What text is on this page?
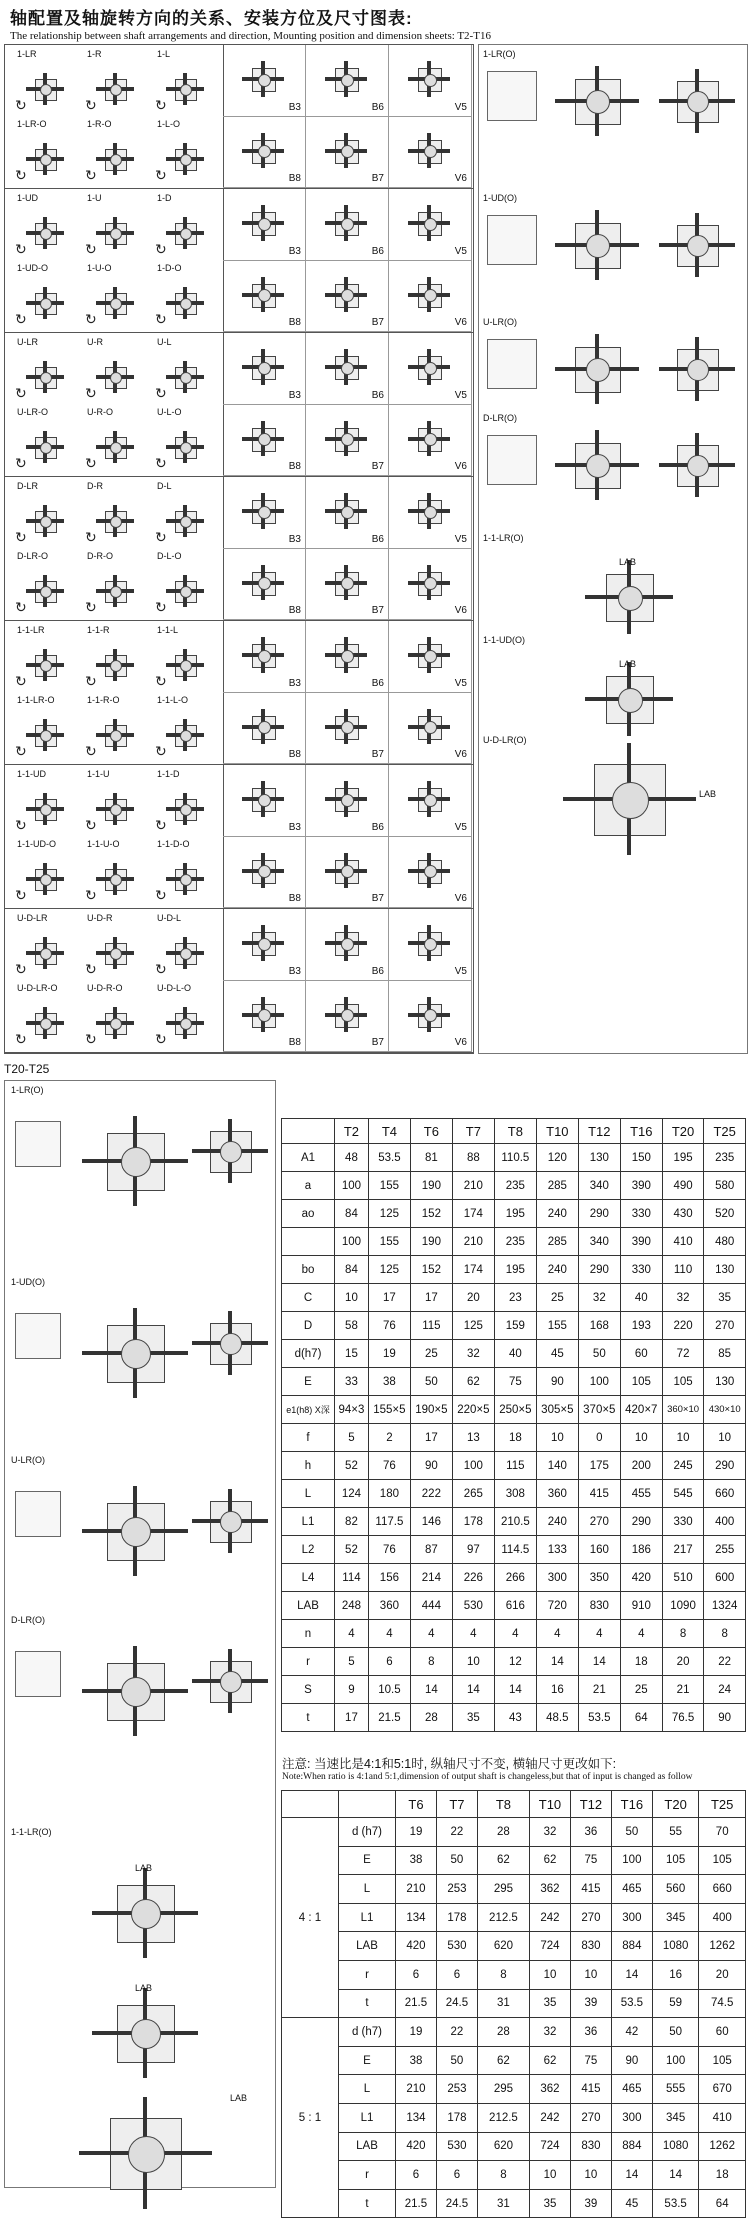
轴配置及轴旋转方向的关系、安装方位及尺寸图表:
The relationship between shaft arrangements and direction, Mounting position and dimension sheets: T2-T16
1-LR
↻
1-R
↻
1-L
↻
1-LR-O
↻
1-R-O
↻
1-L-O
↻
B3	B6	V5
B8	B7	V6
1-UD
↻
1-U
↻
1-D
↻
1-UD-O
↻
1-U-O
↻
1-D-O
↻
B3	B6	V5
B8	B7	V6
U-LR
↻
U-R
↻
U-L
↻
U-LR-O
↻
U-R-O
↻
U-L-O
↻
B3	B6	V5
B8	B7	V6
D-LR
↻
D-R
↻
D-L
↻
D-LR-O
↻
D-R-O
↻
D-L-O
↻
B3	B6	V5
B8	B7	V6
1-1-LR
↻
1-1-R
↻
1-1-L
↻
1-1-LR-O
↻
1-1-R-O
↻
1-1-L-O
↻
B3	B6	V5
B8	B7	V6
1-1-UD
↻
1-1-U
↻
1-1-D
↻
1-1-UD-O
↻
1-1-U-O
↻
1-1-D-O
↻
B3	B6	V5
B8	B7	V6
U-D-LR
↻
U-D-R
↻
U-D-L
↻
U-D-LR-O
↻
U-D-R-O
↻
U-D-L-O
↻
B3	B6	V5
B8	B7	V6
1-LR(O)
1-UD(O)
U-LR(O)
D-LR(O)
1-1-LR(O)
LAB
1-1-UD(O)
LAB
U-D-LR(O)
LAB
T20-T25
1-LR(O)
1-UD(O)
U-LR(O)
D-LR(O)
1-1-LR(O)
LAB
LAB
LAB
	T2	T4	T6	T7	T8	T10	T12	T16	T20	T25
A1	48	53.5	81	88	110.5	120	130	150	195	235
a	100	155	190	210	235	285	340	390	490	580
ao	84	125	152	174	195	240	290	330	430	520
	100	155	190	210	235	285	340	390	410	480
bo	84	125	152	174	195	240	290	330	110	130
C	10	17	17	20	23	25	32	40	32	35
D	58	76	115	125	159	155	168	193	220	270
d(h7)	15	19	25	32	40	45	50	60	72	85
E	33	38	50	62	75	90	100	105	105	130
e1(h8) X深	94×3	155×5	190×5	220×5	250×5	305×5	370×5	420×7	360×10	430×10
f	5	2	17	13	18	10	0	10	10	10
h	52	76	90	100	115	140	175	200	245	290
L	124	180	222	265	308	360	415	455	545	660
L1	82	117.5	146	178	210.5	240	270	290	330	400
L2	52	76	87	97	114.5	133	160	186	217	255
L4	114	156	214	226	266	300	350	420	510	600
LAB	248	360	444	530	616	720	830	910	1090	1324
n	4	4	4	4	4	4	4	4	8	8
r	5	6	8	10	12	14	14	18	20	22
S	9	10.5	14	14	14	16	21	25	21	24
t	17	21.5	28	35	43	48.5	53.5	64	76.5	90
注意: 当速比是4:1和5:1时, 纵轴尺寸不变, 横轴尺寸更改如下:
Note:When ratio is 4:1and 5:1,dimension of output shaft is changeless,but that of input is changed as follow
		T6	T7	T8	T10	T12	T16	T20	T25
4 : 1	d (h7)	19	22	28	32	36	50	55	70
	E	38	50	62	62	75	100	105	105
	L	210	253	295	362	415	465	560	660
	L1	134	178	212.5	242	270	300	345	400
	LAB	420	530	620	724	830	884	1080	1262
	r	6	6	8	10	10	14	16	20
	t	21.5	24.5	31	35	39	53.5	59	74.5
5 : 1	d (h7)	19	22	28	32	36	42	50	60
	E	38	50	62	62	75	90	100	105
	L	210	253	295	362	415	465	555	670
	L1	134	178	212.5	242	270	300	345	410
	LAB	420	530	620	724	830	884	1080	1262
	r	6	6	8	10	10	14	14	18
	t	21.5	24.5	31	35	39	45	53.5	64
